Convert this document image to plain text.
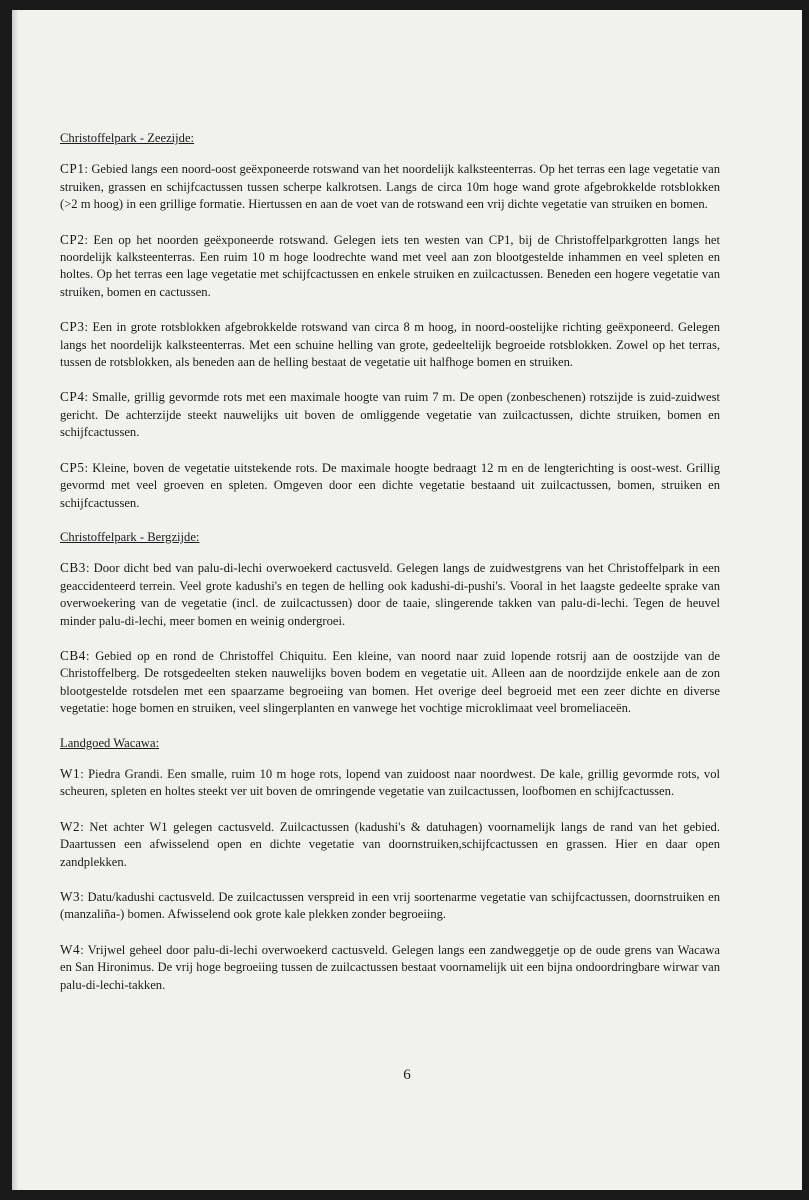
Christoffelpark - Zeezijde:

CP1: Gebied langs een noord-oost geëxponeerde rotswand van het noordelijk kalksteenterras. Op het terras een lage vegetatie van struiken, grassen en schijfcactussen tussen scherpe kalkrotsen. Langs de circa 10m hoge wand grote afgebrokkelde rotsblokken (>2 m hoog) in een grillige formatie. Hiertussen en aan de voet van de rotswand een vrij dichte vegetatie van struiken en bomen.

CP2: Een op het noorden geëxponeerde rotswand. Gelegen iets ten westen van CP1, bij de Christoffelparkgrotten langs het noordelijk kalksteenterras. Een ruim 10 m hoge loodrechte wand met veel aan zon blootgestelde inhammen en veel spleten en holtes. Op het terras een lage vegetatie met schijfcactussen en enkele struiken en zuilcactussen. Beneden een hogere vegetatie van struiken, bomen en cactussen.

CP3: Een in grote rotsblokken afgebrokkelde rotswand van circa 8 m hoog, in noord-oostelijke richting geëxponeerd. Gelegen langs het noordelijk kalksteenterras. Met een schuine helling van grote, gedeeltelijk begroeide rotsblokken. Zowel op het terras, tussen de rotsblokken, als beneden aan de helling bestaat de vegetatie uit halfhoge bomen en struiken.

CP4: Smalle, grillig gevormde rots met een maximale hoogte van ruim 7 m. De open (zonbeschenen) rotszijde is zuid-zuidwest gericht. De achterzijde steekt nauwelijks uit boven de omliggende vegetatie van zuilcactussen, dichte struiken, bomen en schijfcactussen.

CP5: Kleine, boven de vegetatie uitstekende rots. De maximale hoogte bedraagt 12 m en de lengterichting is oost-west. Grillig gevormd met veel groeven en spleten. Omgeven door een dichte vegetatie bestaand uit zuilcactussen, bomen, struiken en schijfcactussen.

Christoffelpark - Bergzijde:

CB3: Door dicht bed van palu-di-lechi overwoekerd cactusveld. Gelegen langs de zuidwestgrens van het Christoffelpark in een geaccidenteerd terrein. Veel grote kadushi's en tegen de helling ook kadushi-di-pushi's. Vooral in het laagste gedeelte sprake van overwoekering van de vegetatie (incl. de zuilcactussen) door de taaie, slingerende takken van palu-di-lechi. Tegen de heuvel minder palu-di-lechi, meer bomen en weinig ondergroei.

CB4: Gebied op en rond de Christoffel Chiquitu. Een kleine, van noord naar zuid lopende rotsrij aan de oostzijde van de Christoffelberg. De rotsgedeelten steken nauwelijks boven bodem en vegetatie uit. Alleen aan de noordzijde enkele aan de zon blootgestelde rotsdelen met een spaarzame begroeiing van bomen. Het overige deel begroeid met een zeer dichte en diverse vegetatie: hoge bomen en struiken, veel slingerplanten en vanwege het vochtige microklimaat veel bromeliaceën.

Landgoed Wacawa:

W1: Piedra Grandi. Een smalle, ruim 10 m hoge rots, lopend van zuidoost naar noordwest. De kale, grillig gevormde rots, vol scheuren, spleten en holtes steekt ver uit boven de omringende vegetatie van zuilcactussen, loofbomen en schijfcactussen.

W2: Net achter W1 gelegen cactusveld. Zuilcactussen (kadushi's & datuhagen) voornamelijk langs de rand van het gebied. Daartussen een afwisselend open en dichte vegetatie van doornstruiken,schijfcactussen en grassen. Hier en daar open zandplekken.

W3: Datu/kadushi cactusveld. De zuilcactussen verspreid in een vrij soortenarme vegetatie van schijfcactussen, doornstruiken en (manzaliña-) bomen. Afwisselend ook grote kale plekken zonder begroeiing.

W4: Vrijwel geheel door palu-di-lechi overwoekerd cactusveld. Gelegen langs een zandweggetje op de oude grens van Wacawa en San Hironimus. De vrij hoge begroeiing tussen de zuilcactussen bestaat voornamelijk uit een bijna ondoordringbare wirwar van palu-di-lechi-takken.

6
